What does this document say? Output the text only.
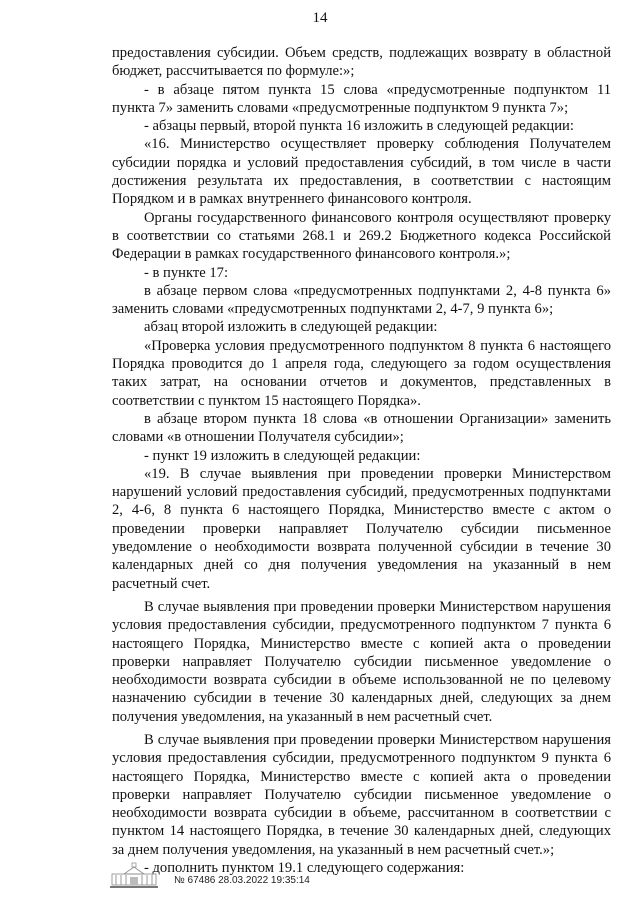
14

предоставления субсидии. Объем средств, подлежащих возврату в областной бюджет, рассчитывается по формуле:»;

- в абзаце пятом пункта 15 слова «предусмотренные подпунктом 11 пункта 7» заменить словами «предусмотренные подпунктом 9 пункта 7»;

- абзацы первый, второй пункта 16 изложить в следующей редакции:

«16. Министерство осуществляет проверку соблюдения Получателем субсидии порядка и условий предоставления субсидий, в том числе в части достижения результата их предоставления, в соответствии с настоящим Порядком и в рамках внутреннего финансового контроля.

Органы государственного финансового контроля осуществляют проверку в соответствии со статьями 268.1 и 269.2 Бюджетного кодекса Российской Федерации в рамках государственного финансового контроля.»;

- в пункте 17:

в абзаце первом слова «предусмотренных подпунктами 2, 4-8 пункта 6» заменить словами «предусмотренных подпунктами 2, 4-7, 9 пункта 6»;

абзац второй изложить в следующей редакции:

«Проверка условия предусмотренного подпунктом 8 пункта 6 настоящего Порядка проводится до 1 апреля года, следующего за годом осуществления таких затрат, на основании отчетов и документов, представленных в соответствии с пунктом 15 настоящего Порядка».

в абзаце втором пункта 18 слова «в отношении Организации» заменить словами «в отношении Получателя субсидии»;

- пункт 19 изложить в следующей редакции:

«19. В случае выявления при проведении проверки Министерством нарушений условий предоставления субсидий, предусмотренных подпунктами 2, 4-6, 8 пункта 6 настоящего Порядка, Министерство вместе с актом о проведении проверки направляет Получателю субсидии письменное уведомление о необходимости возврата полученной субсидии в течение 30 календарных дней со дня получения уведомления на указанный в нем расчетный счет.

В случае выявления при проведении проверки Министерством нарушения условия предоставления субсидии, предусмотренного подпунктом 7 пункта 6 настоящего Порядка, Министерство вместе с копией акта о проведении проверки направляет Получателю субсидии письменное уведомление о необходимости возврата субсидии в объеме использованной не по целевому назначению субсидии в течение 30 календарных дней, следующих за днем получения уведомления, на указанный в нем расчетный счет.

В случае выявления при проведении проверки Министерством нарушения условия предоставления субсидии, предусмотренного подпунктом 9 пункта 6 настоящего Порядка, Министерство вместе с копией акта о проведении проверки направляет Получателю субсидии письменное уведомление о необходимости возврата субсидии в объеме, рассчитанном в соответствии с пунктом 14 настоящего Порядка, в течение 30 календарных дней, следующих за днем получения уведомления, на указанный в нем расчетный счет.»;

- дополнить пунктом 19.1 следующего содержания:

№ 67486 28.03.2022 19:35:14
